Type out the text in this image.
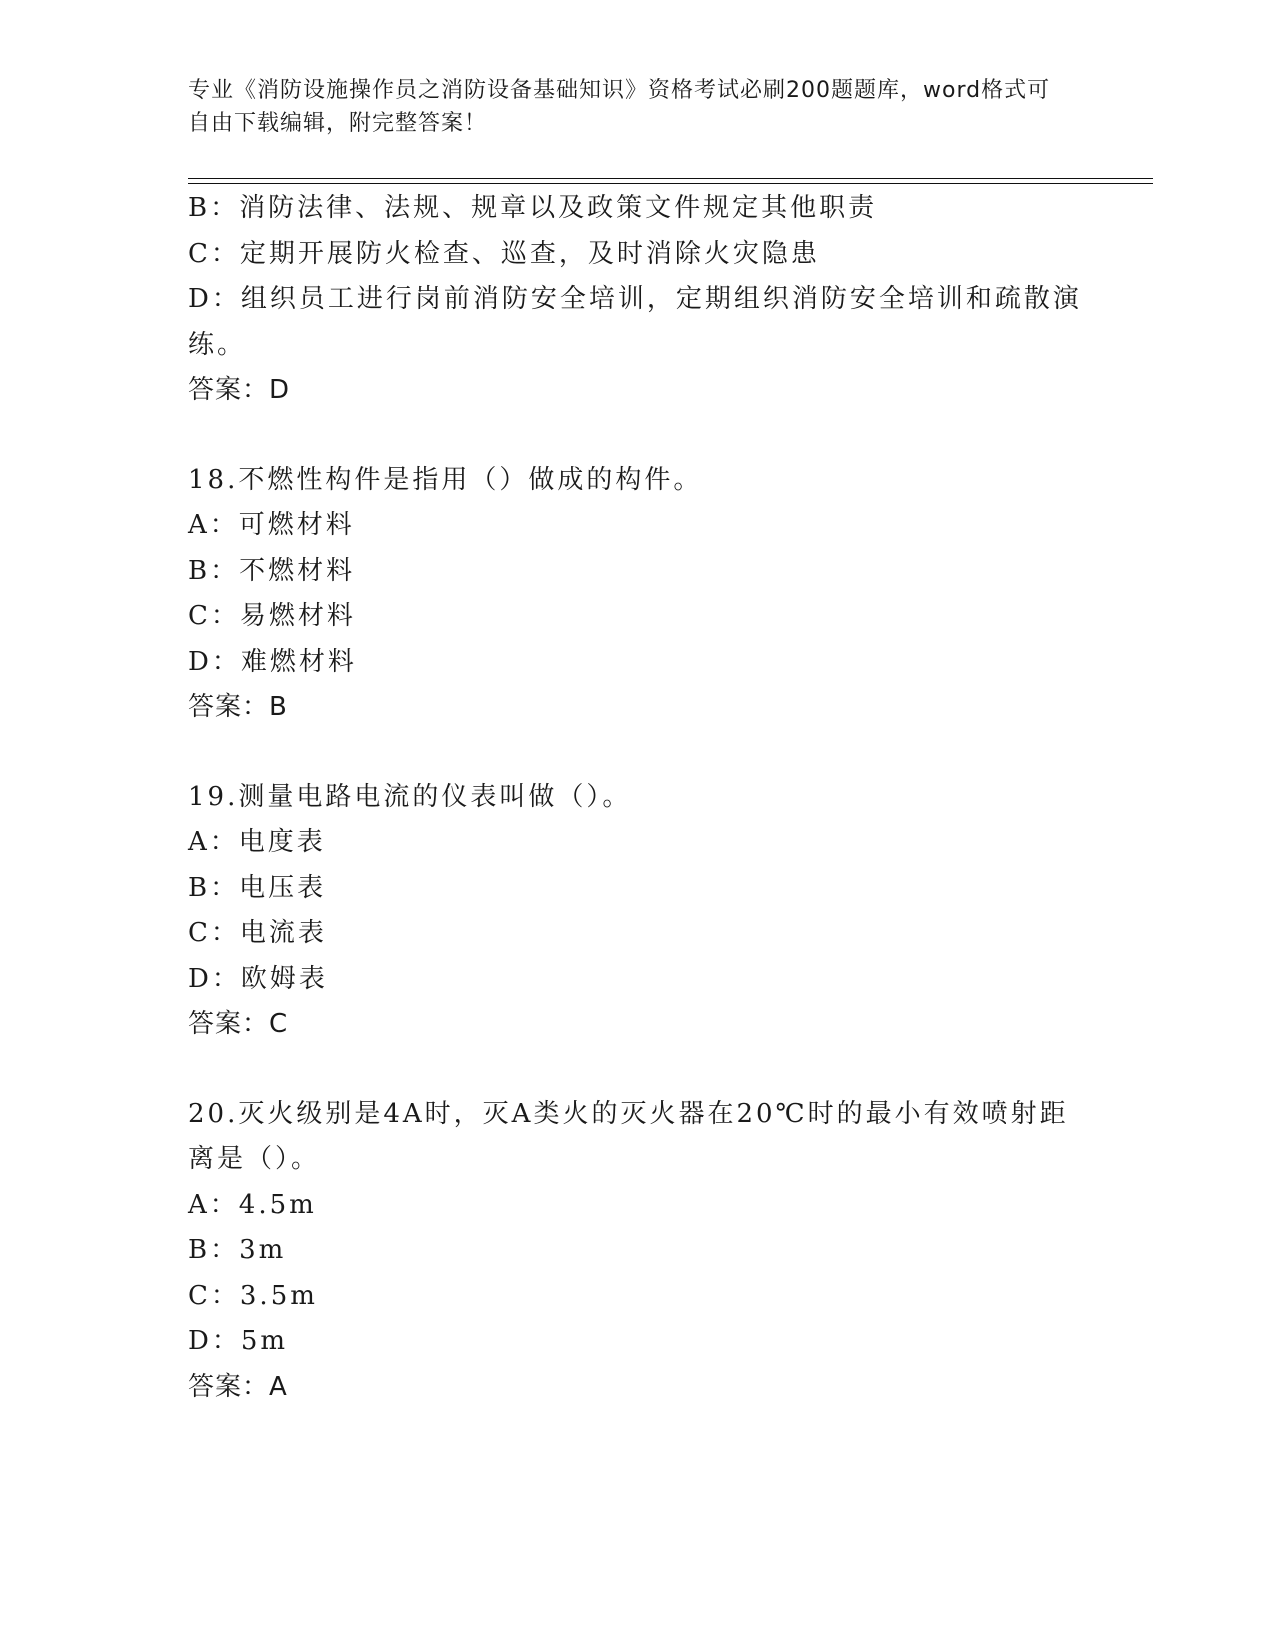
专业《消防设施操作员之消防设备基础知识》资格考试必刷200题题库，word格式可自由下载编辑，附完整答案！
B：消防法律、法规、规章以及政策文件规定其他职责
C：定期开展防火检查、巡查，及时消除火灾隐患
D：组织员工进行岗前消防安全培训，定期组织消防安全培训和疏散演练。
答案：D
18.不燃性构件是指用（）做成的构件。
A：可燃材料
B：不燃材料
C：易燃材料
D：难燃材料
答案：B
19.测量电路电流的仪表叫做（）。
A：电度表
B：电压表
C：电流表
D：欧姆表
答案：C
20.灭火级别是4A时，灭A类火的灭火器在20℃时的最小有效喷射距离是（）。
A：4.5m
B：3m
C：3.5m
D：5m
答案：A
